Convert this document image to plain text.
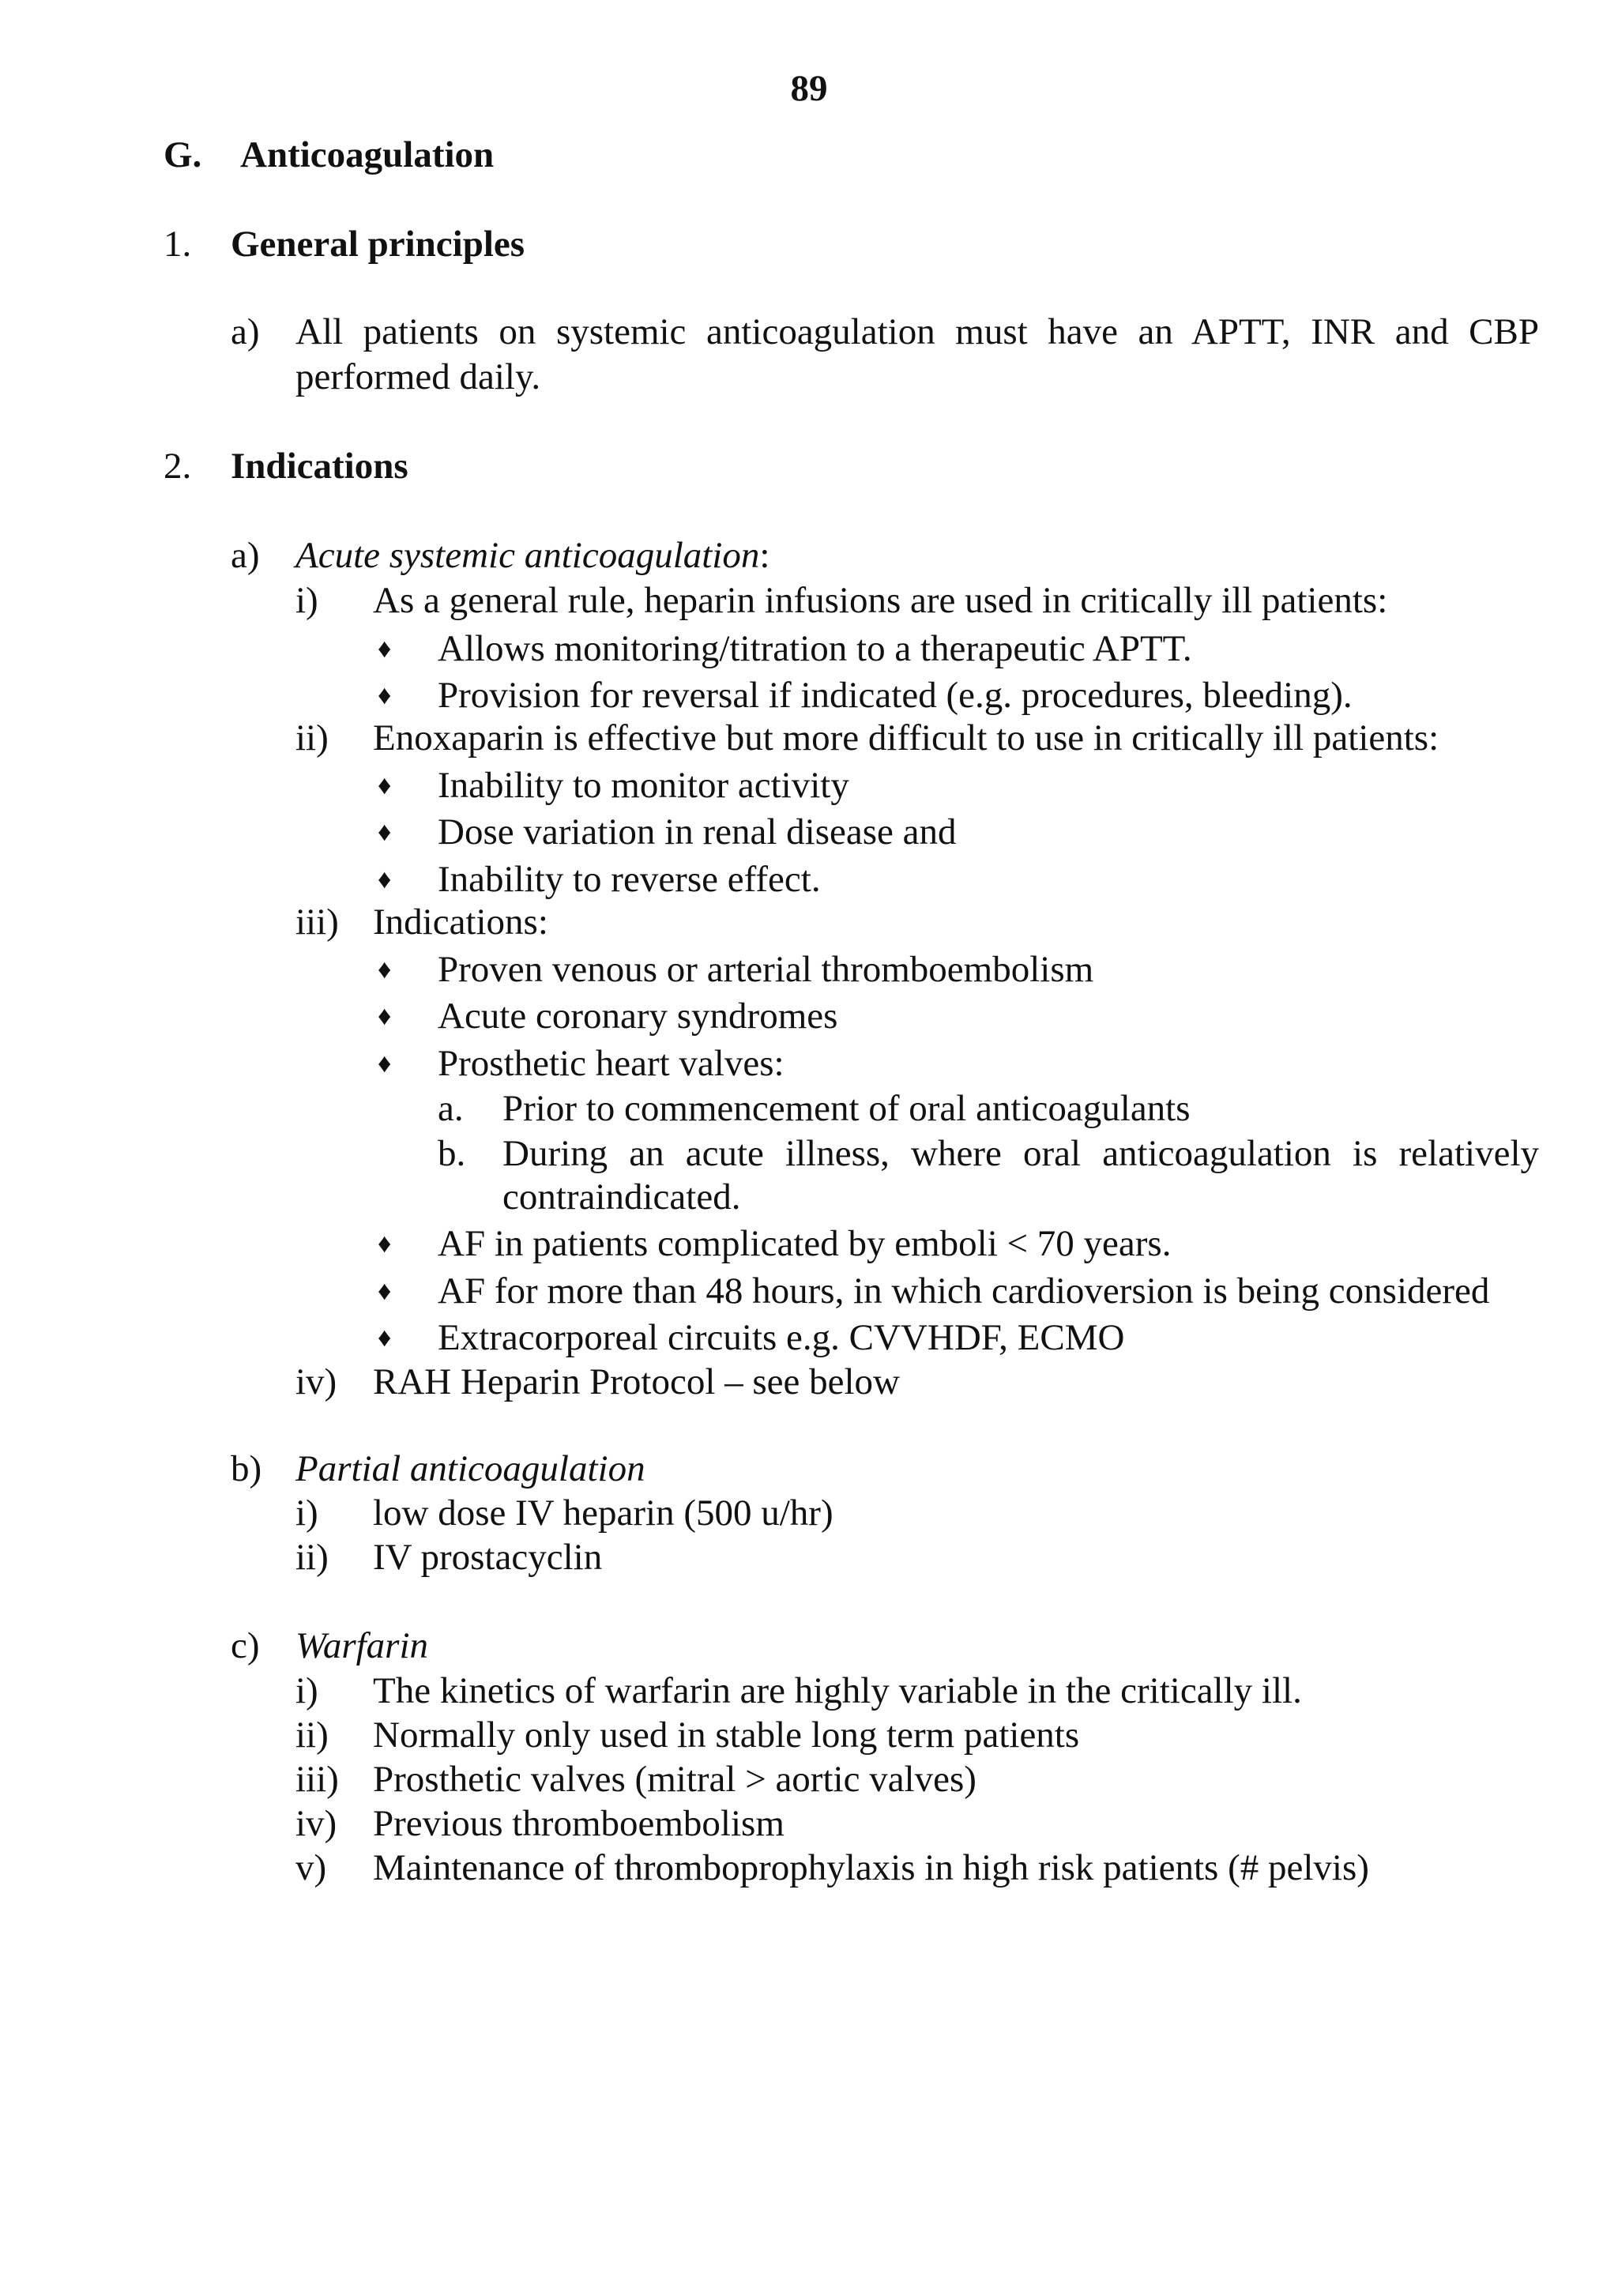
89
G. Anticoagulation
1. General principles
a) All patients on systemic anticoagulation must have an APTT, INR and CBP
performed daily.
2. Indications
a) Acute systemic anticoagulation:
i) As a general rule, heparin infusions are used in critically ill patients:
♦ Allows monitoring/titration to a therapeutic APTT.
♦ Provision for reversal if indicated (e.g. procedures, bleeding).
ii) Enoxaparin is effective but more difficult to use in critically ill patients:
♦ Inability to monitor activity
♦ Dose variation in renal disease and
♦ Inability to reverse effect.
iii) Indications:
♦ Proven venous or arterial thromboembolism
♦ Acute coronary syndromes
♦ Prosthetic heart valves:
a. Prior to commencement of oral anticoagulants
b. During an acute illness, where oral anticoagulation is relatively
contraindicated.
♦ AF in patients complicated by emboli < 70 years.
♦ AF for more than 48 hours, in which cardioversion is being considered
♦ Extracorporeal circuits e.g. CVVHDF, ECMO
iv) RAH Heparin Protocol – see below
b) Partial anticoagulation
i) low dose IV heparin (500 u/hr)
ii) IV prostacyclin
c) Warfarin
i) The kinetics of warfarin are highly variable in the critically ill.
ii) Normally only used in stable long term patients
iii) Prosthetic valves (mitral > aortic valves)
iv) Previous thromboembolism
v) Maintenance of thromboprophylaxis in high risk patients (# pelvis)
